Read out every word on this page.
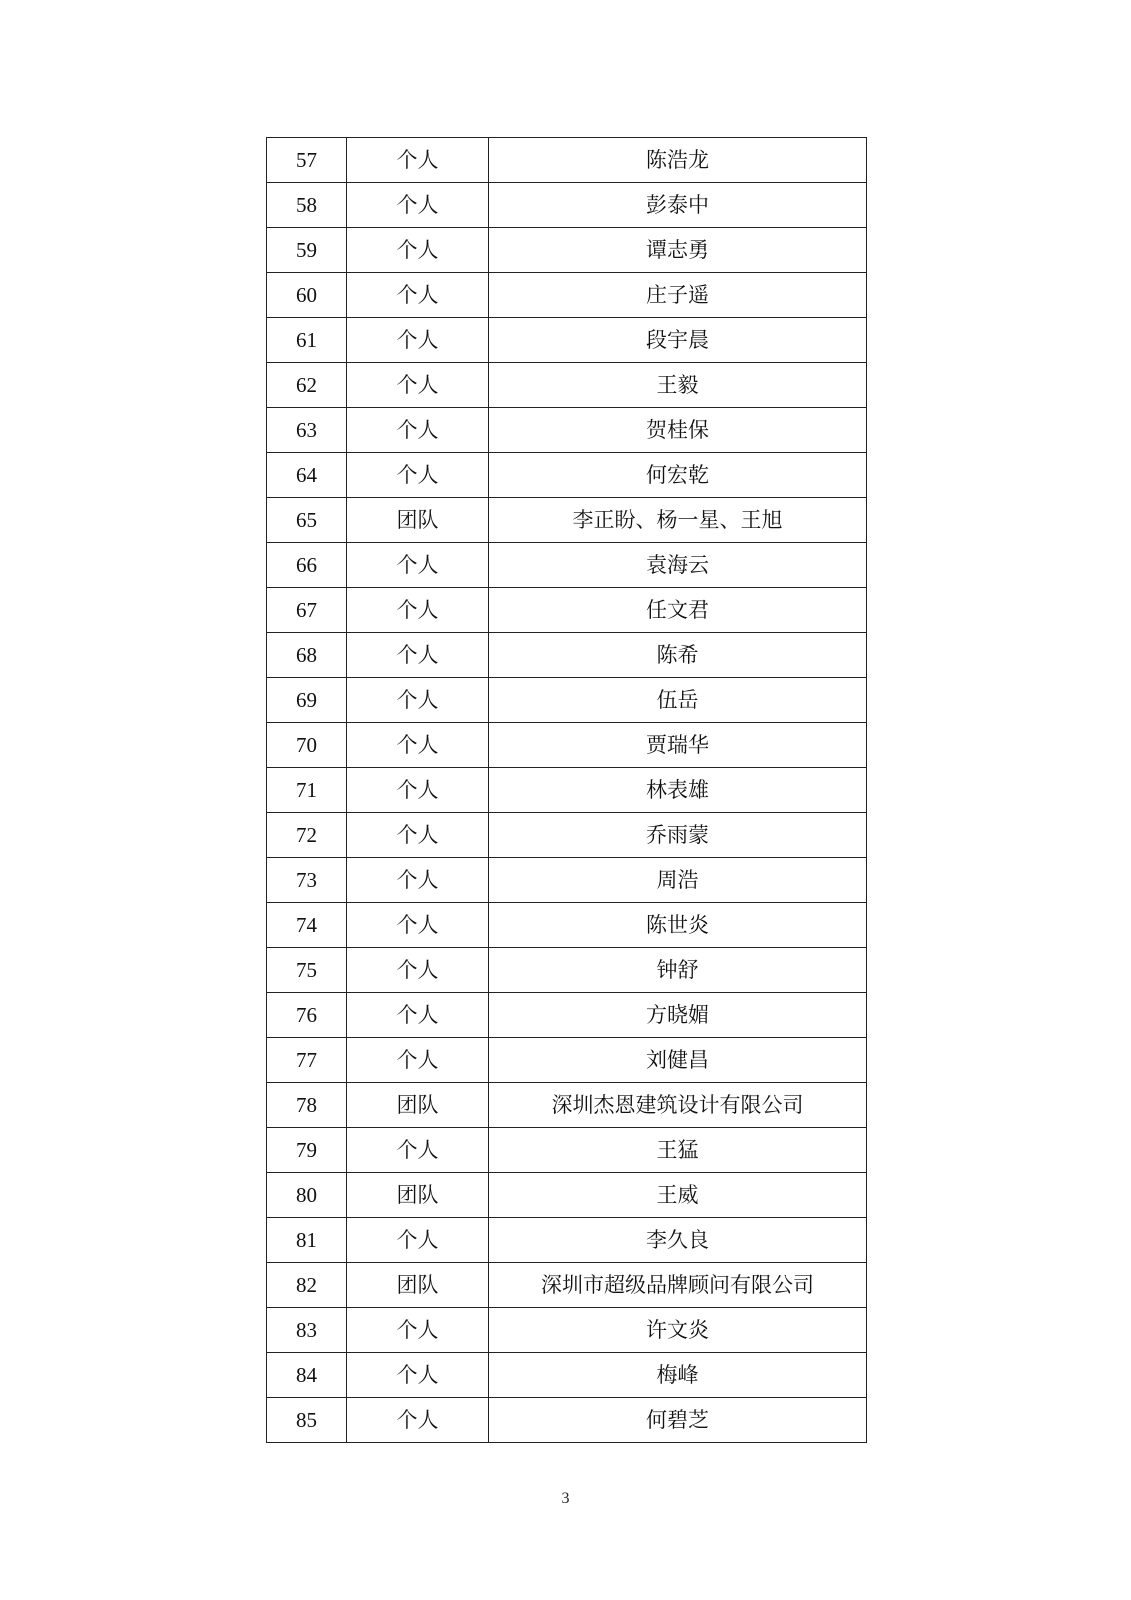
57	个人	陈浩龙
58	个人	彭泰中
59	个人	谭志勇
60	个人	庄子遥
61	个人	段宇晨
62	个人	王毅
63	个人	贺桂保
64	个人	何宏乾
65	团队	李正盼、杨一星、王旭
66	个人	袁海云
67	个人	任文君
68	个人	陈希
69	个人	伍岳
70	个人	贾瑞华
71	个人	林表雄
72	个人	乔雨蒙
73	个人	周浩
74	个人	陈世炎
75	个人	钟舒
76	个人	方晓媚
77	个人	刘健昌
78	团队	深圳杰恩建筑设计有限公司
79	个人	王猛
80	团队	王威
81	个人	李久良
82	团队	深圳市超级品牌顾问有限公司
83	个人	许文炎
84	个人	梅峰
85	个人	何碧芝
3
